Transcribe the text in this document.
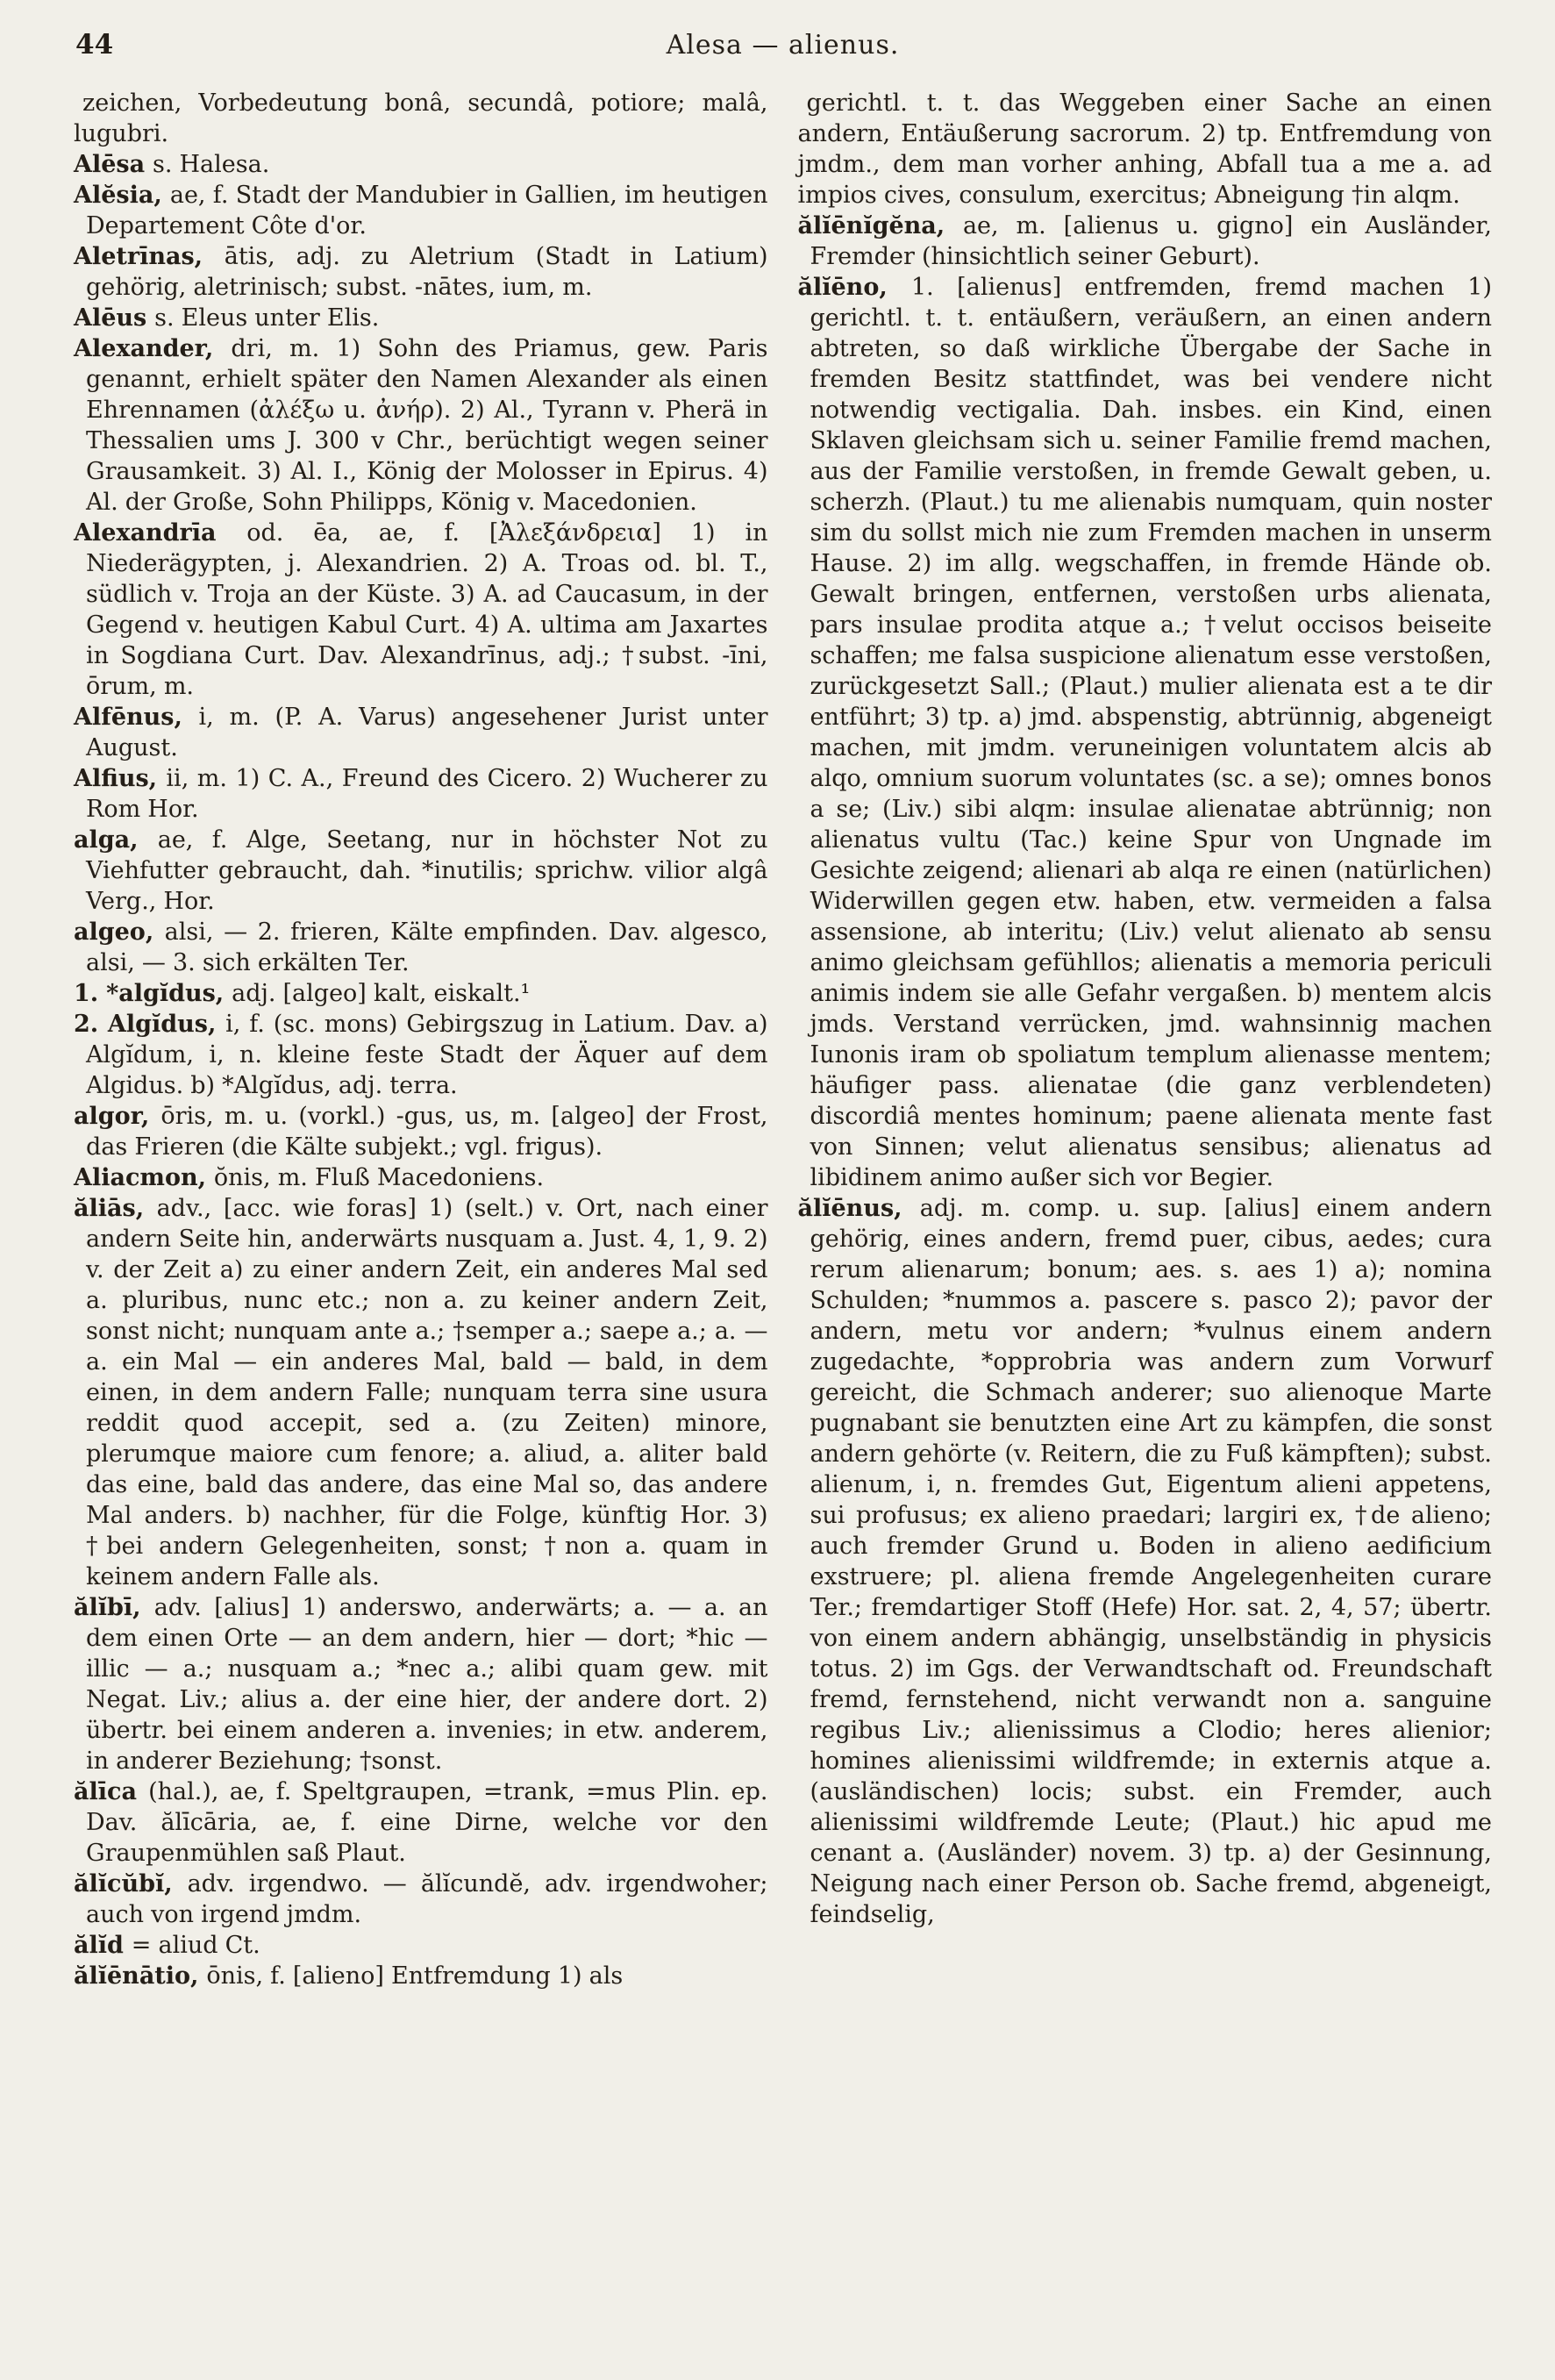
44	Alesa — alienus.

zeichen, Vorbedeutung bonâ, secundâ, potiore; malâ, lugubri.

Alēsa s. Halesa.

Alĕsia, ae, f. Stadt der Mandubier in Gallien, im heutigen Departement Côte d'or.

Aletrīnas, ātis, adj. zu Aletrium (Stadt in Latium) gehörig, aletrinisch; subst. -nātes, ium, m.

Alēus s. Eleus unter Elis.

Alexander, dri, m. 1) Sohn des Priamus, gew. Paris genannt, erhielt später den Namen Alexander als einen Ehrennamen (ἀλέξω u. ἀνήρ). 2) Al., Tyrann v. Pherä in Thessalien ums J. 300 v Chr., berüchtigt wegen seiner Grausamkeit. 3) Al. I., König der Molosser in Epirus. 4) Al. der Große, Sohn Philipps, König v. Macedonien.

Alexandrīa od. ēa, ae, f. [Ἀλεξάνδρεια] 1) in Niederägypten, j. Alexandrien. 2) A. Troas od. bl. T., südlich v. Troja an der Küste. 3) A. ad Caucasum, in der Gegend v. heutigen Kabul Curt. 4) A. ultima am Jaxartes in Sogdiana Curt. Dav. Alexandrīnus, adj.; †subst. -īni, ōrum, m.

Alfēnus, i, m. (P. A. Varus) angesehener Jurist unter August.

Alfius, ii, m. 1) C. A., Freund des Cicero. 2) Wucherer zu Rom Hor.

alga, ae, f. Alge, Seetang, nur in höchster Not zu Viehfutter gebraucht, dah. *inutilis; sprichw. vilior algâ Verg., Hor.

algeo, alsi, — 2. frieren, Kälte empfinden. Dav. algesco, alsi, — 3. sich erkälten Ter.

1. *algĭdus, adj. [algeo] kalt, eiskalt.¹

2. Algĭdus, i, f. (sc. mons) Gebirgszug in Latium. Dav. a) Algĭdum, i, n. kleine feste Stadt der Äquer auf dem Algidus. b) *Algĭdus, adj. terra.

algor, ōris, m. u. (vorkl.) -gus, us, m. [algeo] der Frost, das Frieren (die Kälte subjekt.; vgl. frigus).

Aliacmon, ŏnis, m. Fluß Macedoniens.

ăliās, adv., [acc. wie foras] 1) (selt.) v. Ort, nach einer andern Seite hin, anderwärts nusquam a. Just. 4, 1, 9. 2) v. der Zeit a) zu einer andern Zeit, ein anderes Mal sed a. pluribus, nunc etc.; non a. zu keiner andern Zeit, sonst nicht; nunquam ante a.; †semper a.; saepe a.; a. — a. ein Mal — ein anderes Mal, bald — bald, in dem einen, in dem andern Falle; nunquam terra sine usura reddit quod accepit, sed a. (zu Zeiten) minore, plerumque maiore cum fenore; a. aliud, a. aliter bald das eine, bald das andere, das eine Mal so, das andere Mal anders. b) nachher, für die Folge, künftig Hor. 3) †bei andern Gelegenheiten, sonst; †non a. quam in keinem andern Falle als.

ălĭbī, adv. [alius] 1) anderswo, anderwärts; a. — a. an dem einen Orte — an dem andern, hier — dort; *hic — illic — a.; nusquam a.; *nec a.; alibi quam gew. mit Negat. Liv.; alius a. der eine hier, der andere dort. 2) übertr. bei einem anderen a. invenies; in etw. anderem, in anderer Beziehung; †sonst.

ălīca (hal.), ae, f. Speltgraupen, =trank, =mus Plin. ep. Dav. ălīcāria, ae, f. eine Dirne, welche vor den Graupenmühlen saß Plaut.

ălĭcŭbĭ, adv. irgendwo. — ălĭcundĕ, adv. irgendwoher; auch von irgend jmdm.

ălĭd = aliud Ct.

ălĭēnātio, ōnis, f. [alieno] Entfremdung 1) als

gerichtl. t. t. das Weggeben einer Sache an einen andern, Entäußerung sacrorum. 2) tp. Entfremdung von jmdm., dem man vorher anhing, Abfall tua a me a. ad impios cives, consulum, exercitus; Abneigung †in alqm.

ălĭēnĭgĕna, ae, m. [alienus u. gigno] ein Ausländer, Fremder (hinsichtlich seiner Geburt).

ălĭēno, 1. [alienus] entfremden, fremd machen 1) gerichtl. t. t. entäußern, veräußern, an einen andern abtreten, so daß wirkliche Übergabe der Sache in fremden Besitz stattfindet, was bei vendere nicht notwendig vectigalia. Dah. insbes. ein Kind, einen Sklaven gleichsam sich u. seiner Familie fremd machen, aus der Familie verstoßen, in fremde Gewalt geben, u. scherzh. (Plaut.) tu me alienabis numquam, quin noster sim du sollst mich nie zum Fremden machen in unserm Hause. 2) im allg. wegschaffen, in fremde Hände ob. Gewalt bringen, entfernen, verstoßen urbs alienata, pars insulae prodita atque a.; †velut occisos beiseite schaffen; me falsa suspicione alienatum esse verstoßen, zurückgesetzt Sall.; (Plaut.) mulier alienata est a te dir entführt; 3) tp. a) jmd. abspenstig, abtrünnig, abgeneigt machen, mit jmdm. veruneinigen voluntatem alcis ab alqo, omnium suorum voluntates (sc. a se); omnes bonos a se; (Liv.) sibi alqm: insulae alienatae abtrünnig; non alienatus vultu (Tac.) keine Spur von Ungnade im Gesichte zeigend; alienari ab alqa re einen (natürlichen) Widerwillen gegen etw. haben, etw. vermeiden a falsa assensione, ab interitu; (Liv.) velut alienato ab sensu animo gleichsam gefühllos; alienatis a memoria periculi animis indem sie alle Gefahr vergaßen. b) mentem alcis jmds. Verstand verrücken, jmd. wahnsinnig machen Iunonis iram ob spoliatum templum alienasse mentem; häufiger pass. alienatae (die ganz verblendeten) discordiâ mentes hominum; paene alienata mente fast von Sinnen; velut alienatus sensibus; alienatus ad libidinem animo außer sich vor Begier.

ălĭēnus, adj. m. comp. u. sup. [alius] einem andern gehörig, eines andern, fremd puer, cibus, aedes; cura rerum alienarum; bonum; aes. s. aes 1) a); nomina Schulden; *nummos a. pascere s. pasco 2); pavor der andern, metu vor andern; *vulnus einem andern zugedachte, *opprobria was andern zum Vorwurf gereicht, die Schmach anderer; suo alienoque Marte pugnabant sie benutzten eine Art zu kämpfen, die sonst andern gehörte (v. Reitern, die zu Fuß kämpften); subst. alienum, i, n. fremdes Gut, Eigentum alieni appetens, sui profusus; ex alieno praedari; largiri ex, †de alieno; auch fremder Grund u. Boden in alieno aedificium exstruere; pl. aliena fremde Angelegenheiten curare Ter.; fremdartiger Stoff (Hefe) Hor. sat. 2, 4, 57; übertr. von einem andern abhängig, unselbständig in physicis totus. 2) im Ggs. der Verwandtschaft od. Freundschaft fremd, fernstehend, nicht verwandt non a. sanguine regibus Liv.; alienissimus a Clodio; heres alienior; homines alienissimi wildfremde; in externis atque a. (ausländischen) locis; subst. ein Fremder, auch alienissimi wildfremde Leute; (Plaut.) hic apud me cenant a. (Ausländer) novem. 3) tp. a) der Gesinnung, Neigung nach einer Person ob. Sache fremd, abgeneigt, feindselig,
